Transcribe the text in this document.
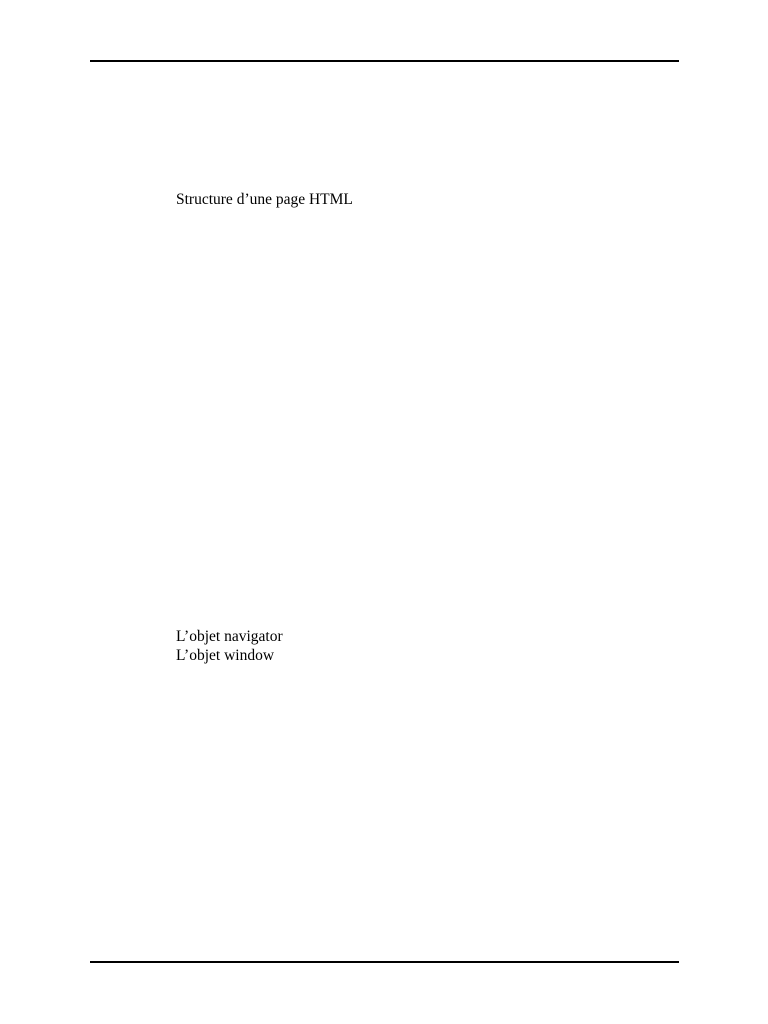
Structure d’une page HTML
L’objet navigator
L’objet window
